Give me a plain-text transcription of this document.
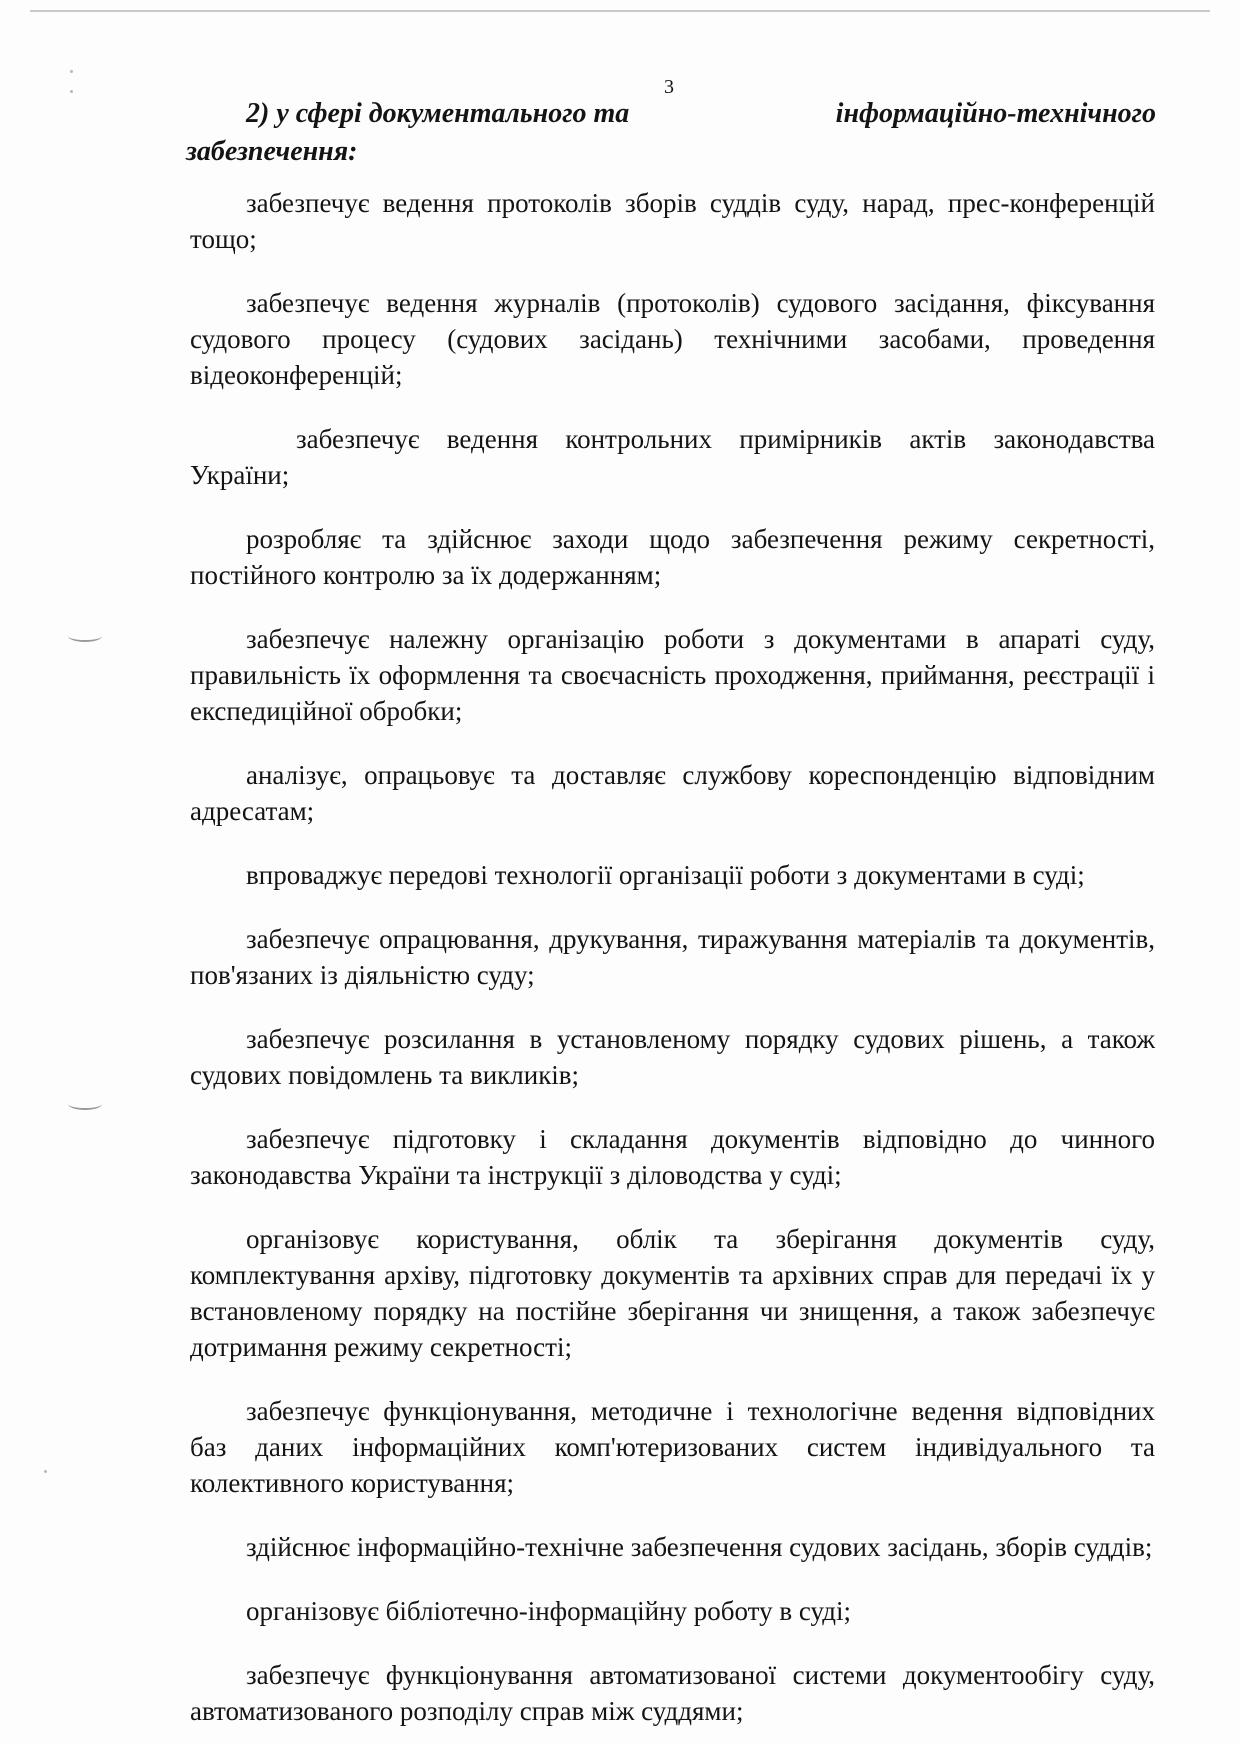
3
2) у сфері документального та	інформаційно-технічного
забезпечення:

забезпечує ведення протоколів зборів суддів суду, нарад, прес-конференцій тощо;

забезпечує ведення журналів (протоколів) судового засідання, фіксування судового процесу (судових засідань) технічними засобами, проведення відеоконференцій;

забезпечує ведення контрольних примірників актів законодавства України;

розробляє та здійснює заходи щодо забезпечення режиму секретності, постійного контролю за їх додержанням;

забезпечує належну організацію роботи з документами в апараті суду, правильність їх оформлення та своєчасність проходження, приймання, реєстрації і експедиційної обробки;

аналізує, опрацьовує та доставляє службову кореспонденцію відповідним адресатам;

впроваджує передові технології організації роботи з документами в суді;

забезпечує опрацювання, друкування, тиражування матеріалів та документів, пов'язаних із діяльністю суду;

забезпечує розсилання в установленому порядку судових рішень, а також судових повідомлень та викликів;

забезпечує підготовку і складання документів відповідно до чинного законодавства України та інструкції з діловодства у суді;

організовує користування, облік та зберігання документів суду, комплектування архіву, підготовку документів та архівних справ для передачі їх у встановленому порядку на постійне зберігання чи знищення, а також забезпечує дотримання режиму секретності;

забезпечує функціонування, методичне і технологічне ведення відповідних баз даних інформаційних комп'ютеризованих систем індивідуального та колективного користування;

здійснює інформаційно-технічне забезпечення судових засідань, зборів суддів;

організовує бібліотечно-інформаційну роботу в суді;

забезпечує функціонування автоматизованої системи документообігу суду, автоматизованого розподілу справ між суддями;
